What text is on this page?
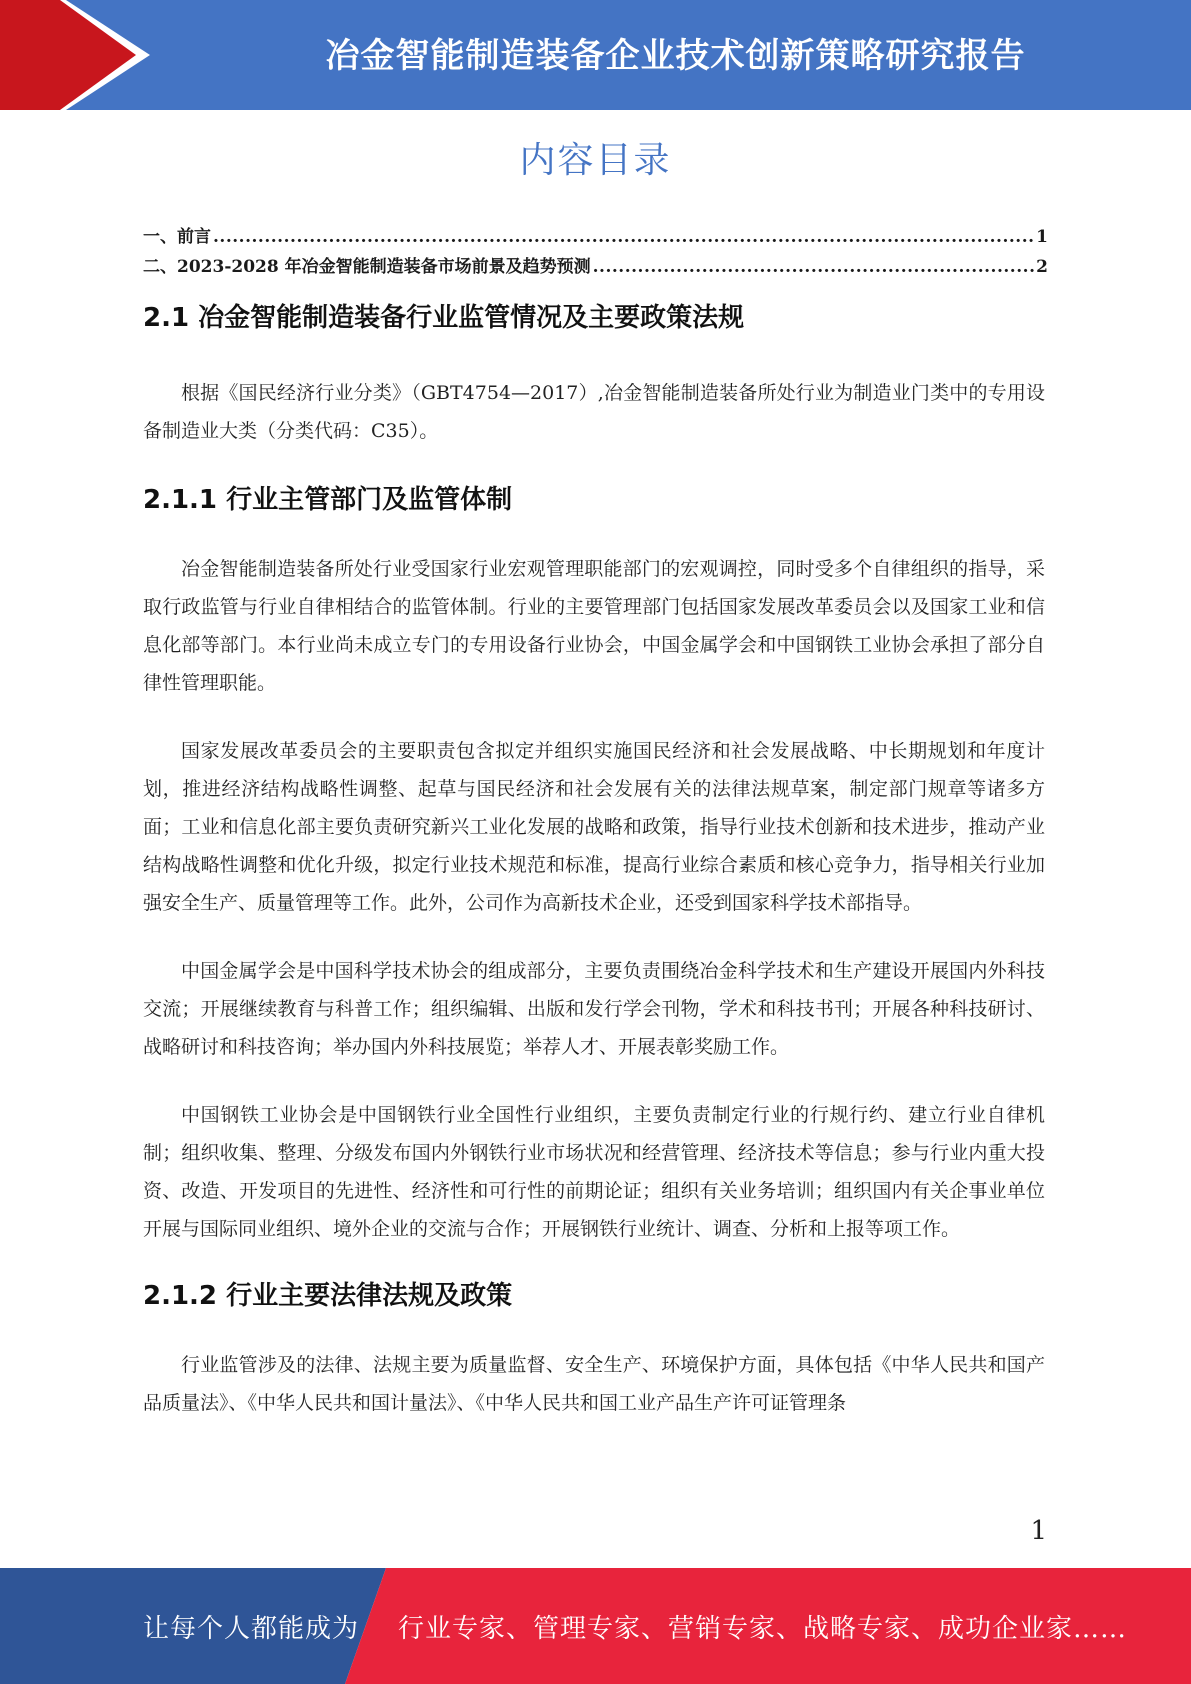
冶金智能制造装备企业技术创新策略研究报告
内容目录
一、前言 .....	1
二、2023-2028 年冶金智能制造装备市场前景及趋势预测 .....	2
2.1 冶金智能制造装备行业监管情况及主要政策法规

根据《国民经济行业分类》（GBT4754—2017）,冶金智能制造装备所处行业为制造业门类中的专用设备制造业大类（分类代码：C35）。

2.1.1 行业主管部门及监管体制

冶金智能制造装备所处行业受国家行业宏观管理职能部门的宏观调控，同时受多个自律组织的指导，采取行政监管与行业自律相结合的监管体制。行业的主要管理部门包括国家发展改革委员会以及国家工业和信息化部等部门。本行业尚未成立专门的专用设备行业协会，中国金属学会和中国钢铁工业协会承担了部分自律性管理职能。

国家发展改革委员会的主要职责包含拟定并组织实施国民经济和社会发展战略、中长期规划和年度计划，推进经济结构战略性调整、起草与国民经济和社会发展有关的法律法规草案，制定部门规章等诸多方面；工业和信息化部主要负责研究新兴工业化发展的战略和政策，指导行业技术创新和技术进步，推动产业结构战略性调整和优化升级，拟定行业技术规范和标准，提高行业综合素质和核心竞争力，指导相关行业加强安全生产、质量管理等工作。此外，公司作为高新技术企业，还受到国家科学技术部指导。

中国金属学会是中国科学技术协会的组成部分，主要负责围绕冶金科学技术和生产建设开展国内外科技交流；开展继续教育与科普工作；组织编辑、出版和发行学会刊物，学术和科技书刊；开展各种科技研讨、战略研讨和科技咨询；举办国内外科技展览；举荐人才、开展表彰奖励工作。

中国钢铁工业协会是中国钢铁行业全国性行业组织，主要负责制定行业的行规行约、建立行业自律机制；组织收集、整理、分级发布国内外钢铁行业市场状况和经营管理、经济技术等信息；参与行业内重大投资、改造、开发项目的先进性、经济性和可行性的前期论证；组织有关业务培训；组织国内有关企事业单位开展与国际同业组织、境外企业的交流与合作；开展钢铁行业统计、调查、分析和上报等项工作。

2.1.2 行业主要法律法规及政策

行业监管涉及的法律、法规主要为质量监督、安全生产、环境保护方面，具体包括《中华人民共和国产品质量法》、《中华人民共和国计量法》、《中华人民共和国工业产品生产许可证管理条

1
让每个人都能成为 行业专家、管理专家、营销专家、战略专家、成功企业家……
